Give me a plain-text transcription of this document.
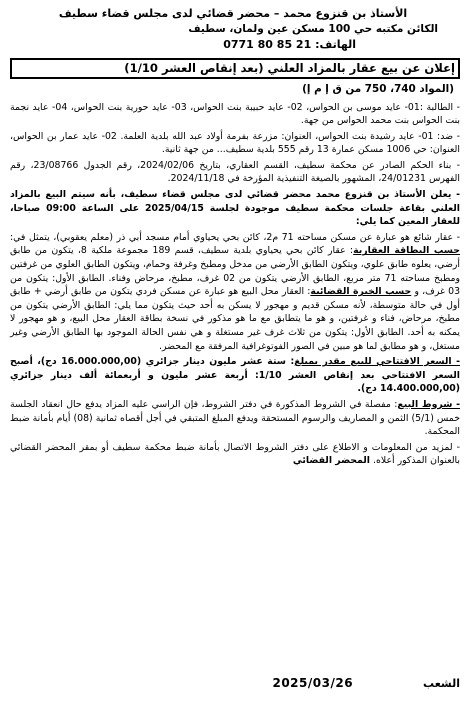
الأستاذ بن قنزوع محمد – محضر قضائي لدى مجلس قضاء سطيف
الكائن مكتبه حي 100 مسكن عين ولمان، سطيف
الهاتف: 0771 80 85 21
إعلان عن بيع عقار بالمزاد العلني (بعد إنقاص العشر 1/10)
(المواد 740، 750 من ق إ م إ)

- الطالبة :01- عايد موسى بن الحواس، 02- عايد حبيبة بنت الحواس، 03- عايد حورية بنت الحواس، 04- عايد نجمة بنت الحواس بنت محمد الحواس من جهة.

- ضد: 01- عايد رشيدة بنت الحواس، العنوان: مزرعة بفرمة أولاد عبد الله بلدية العلمة. 02- عايد عمار بن الحواس، العنوان: حي 1006 مسكن عمارة 13 رقم 555 بلدية سطيف... من جهة ثانية.

- بناء الحكم الصادر عن محكمة سطيف، القسم العقاري، بتاريخ 2024/02/06، رقم الجدول 23/08766، رقم الفهرس 24/01231، المشهور بالصيغة التنفيذية المؤرخة في 2024/11/18.

- يعلن الأستاذ بن قنزوع محمد محضر قضائي لدى مجلس قضاء سطيف، بأنه سيتم البيع بالمزاد العلني بقاعة جلسات محكمة سطيف موجودة لجلسة 2025/04/15 على الساعة 09:00 صباحا، للعقار المعين كما يلي:

- عقار شائع هو عبارة عن مسكن مساحته 71 م2، كائن بحي يحياوي أمام مسجد أبي ذر (معلم يعقوبي)، يتمثل في: حسب البطاقة العقارية: عقار كائن بحي يحياوي بلدية سطيف، قسم 189 مجموعة ملكية 8، يتكون من طابق أرضي، يعلوه طابق علوي، ويتكون الطابق الأرضي من مدخل ومطبخ وغرفة وحمام، ويتكون الطابق العلوي من غرفتين ومطبخ مساحته 71 متر مربع، الطابق الأرضي يتكون من 02 غرف، مطبخ، مرحاض وفناء. الطابق الأول: يتكون من 03 غرف، و حسب الخبرة القضائية: العقار محل البيع هو عبارة عن مسكن فردي يتكون من طابق أرضي + طابق أول في حالة متوسطة، لأنه مسكن قديم و مهجور لا يسكن به أحد حيث يتكون مما يلي: الطابق الأرضي يتكون من مطبخ، مرحاض، فناء و غرفتين، و هو ما يتطابق مع ما هو مذكور في نسخة بطاقة العقار محل البيع، و هو مهجور لا يمكنه به أحد. الطابق الأول: يتكون من ثلاث غرف غير مستغلة و هي نفس الحالة الموجود بها الطابق الأرضي وغير مستغل، و هو مطابق لما هو مبين في الصور الفوتوغرافية المرفقة مع المحضر.

- السعر الافتتاحي للبيع مقدر بمبلغ: ستة عشر مليون دينار جزائري (16.000.000,00 دج)، أصبح السعر الافتتاحي بعد إنقاص العشر 1/10: أربعة عشر مليون و أربعمائة ألف دينار جزائري (14.400.000,00 دج).

- شروط البيع: مفصلة في الشروط المذكورة في دفتر الشروط، فإن الراسي عليه المزاد يدفع حال انعقاد الجلسة خمس (5/1) الثمن و المصاريف والرسوم المستحقة ويدفع المبلغ المتبقي في أجل أقصاه ثمانية (08) أيام بأمانة ضبط المحكمة.

- لمزيد من المعلومات و الاطلاع على دفتر الشروط الاتصال بأمانة ضبط محكمة سطيف أو بمقر المحضر القضائي بالعنوان المذكور أعلاه. المحضر القضائي

الشعب
2025/03/26
